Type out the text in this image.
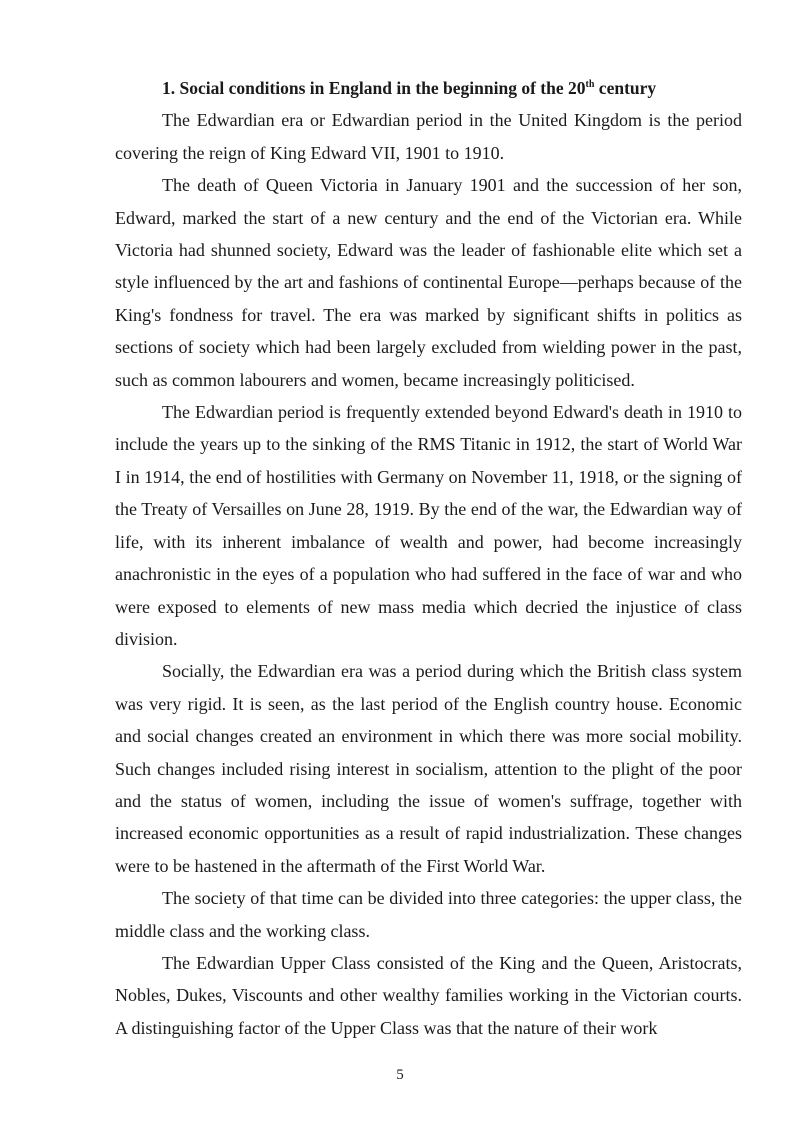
1. Social conditions in England in the beginning of the 20th century

The Edwardian era or Edwardian period in the United Kingdom is the period covering the reign of King Edward VII, 1901 to 1910.

The death of Queen Victoria in January 1901 and the succession of her son, Edward, marked the start of a new century and the end of the Victorian era. While Victoria had shunned society, Edward was the leader of fashionable elite which set a style influenced by the art and fashions of continental Europe—perhaps because of the King's fondness for travel. The era was marked by significant shifts in politics as sections of society which had been largely excluded from wielding power in the past, such as common labourers and women, became increasingly politicised.

The Edwardian period is frequently extended beyond Edward's death in 1910 to include the years up to the sinking of the RMS Titanic in 1912, the start of World War I in 1914, the end of hostilities with Germany on November 11, 1918, or the signing of the Treaty of Versailles on June 28, 1919. By the end of the war, the Edwardian way of life, with its inherent imbalance of wealth and power, had become increasingly anachronistic in the eyes of a population who had suffered in the face of war and who were exposed to elements of new mass media which decried the injustice of class division.

Socially, the Edwardian era was a period during which the British class system was very rigid. It is seen, as the last period of the English country house. Economic and social changes created an environment in which there was more social mobility. Such changes included rising interest in socialism, attention to the plight of the poor and the status of women, including the issue of women's suffrage, together with increased economic opportunities as a result of rapid industrialization. These changes were to be hastened in the aftermath of the First World War.

The society of that time can be divided into three categories: the upper class, the middle class and the working class.

The Edwardian Upper Class consisted of the King and the Queen, Aristocrats, Nobles, Dukes, Viscounts and other wealthy families working in the Victorian courts. A distinguishing factor of the Upper Class was that the nature of their work

5
